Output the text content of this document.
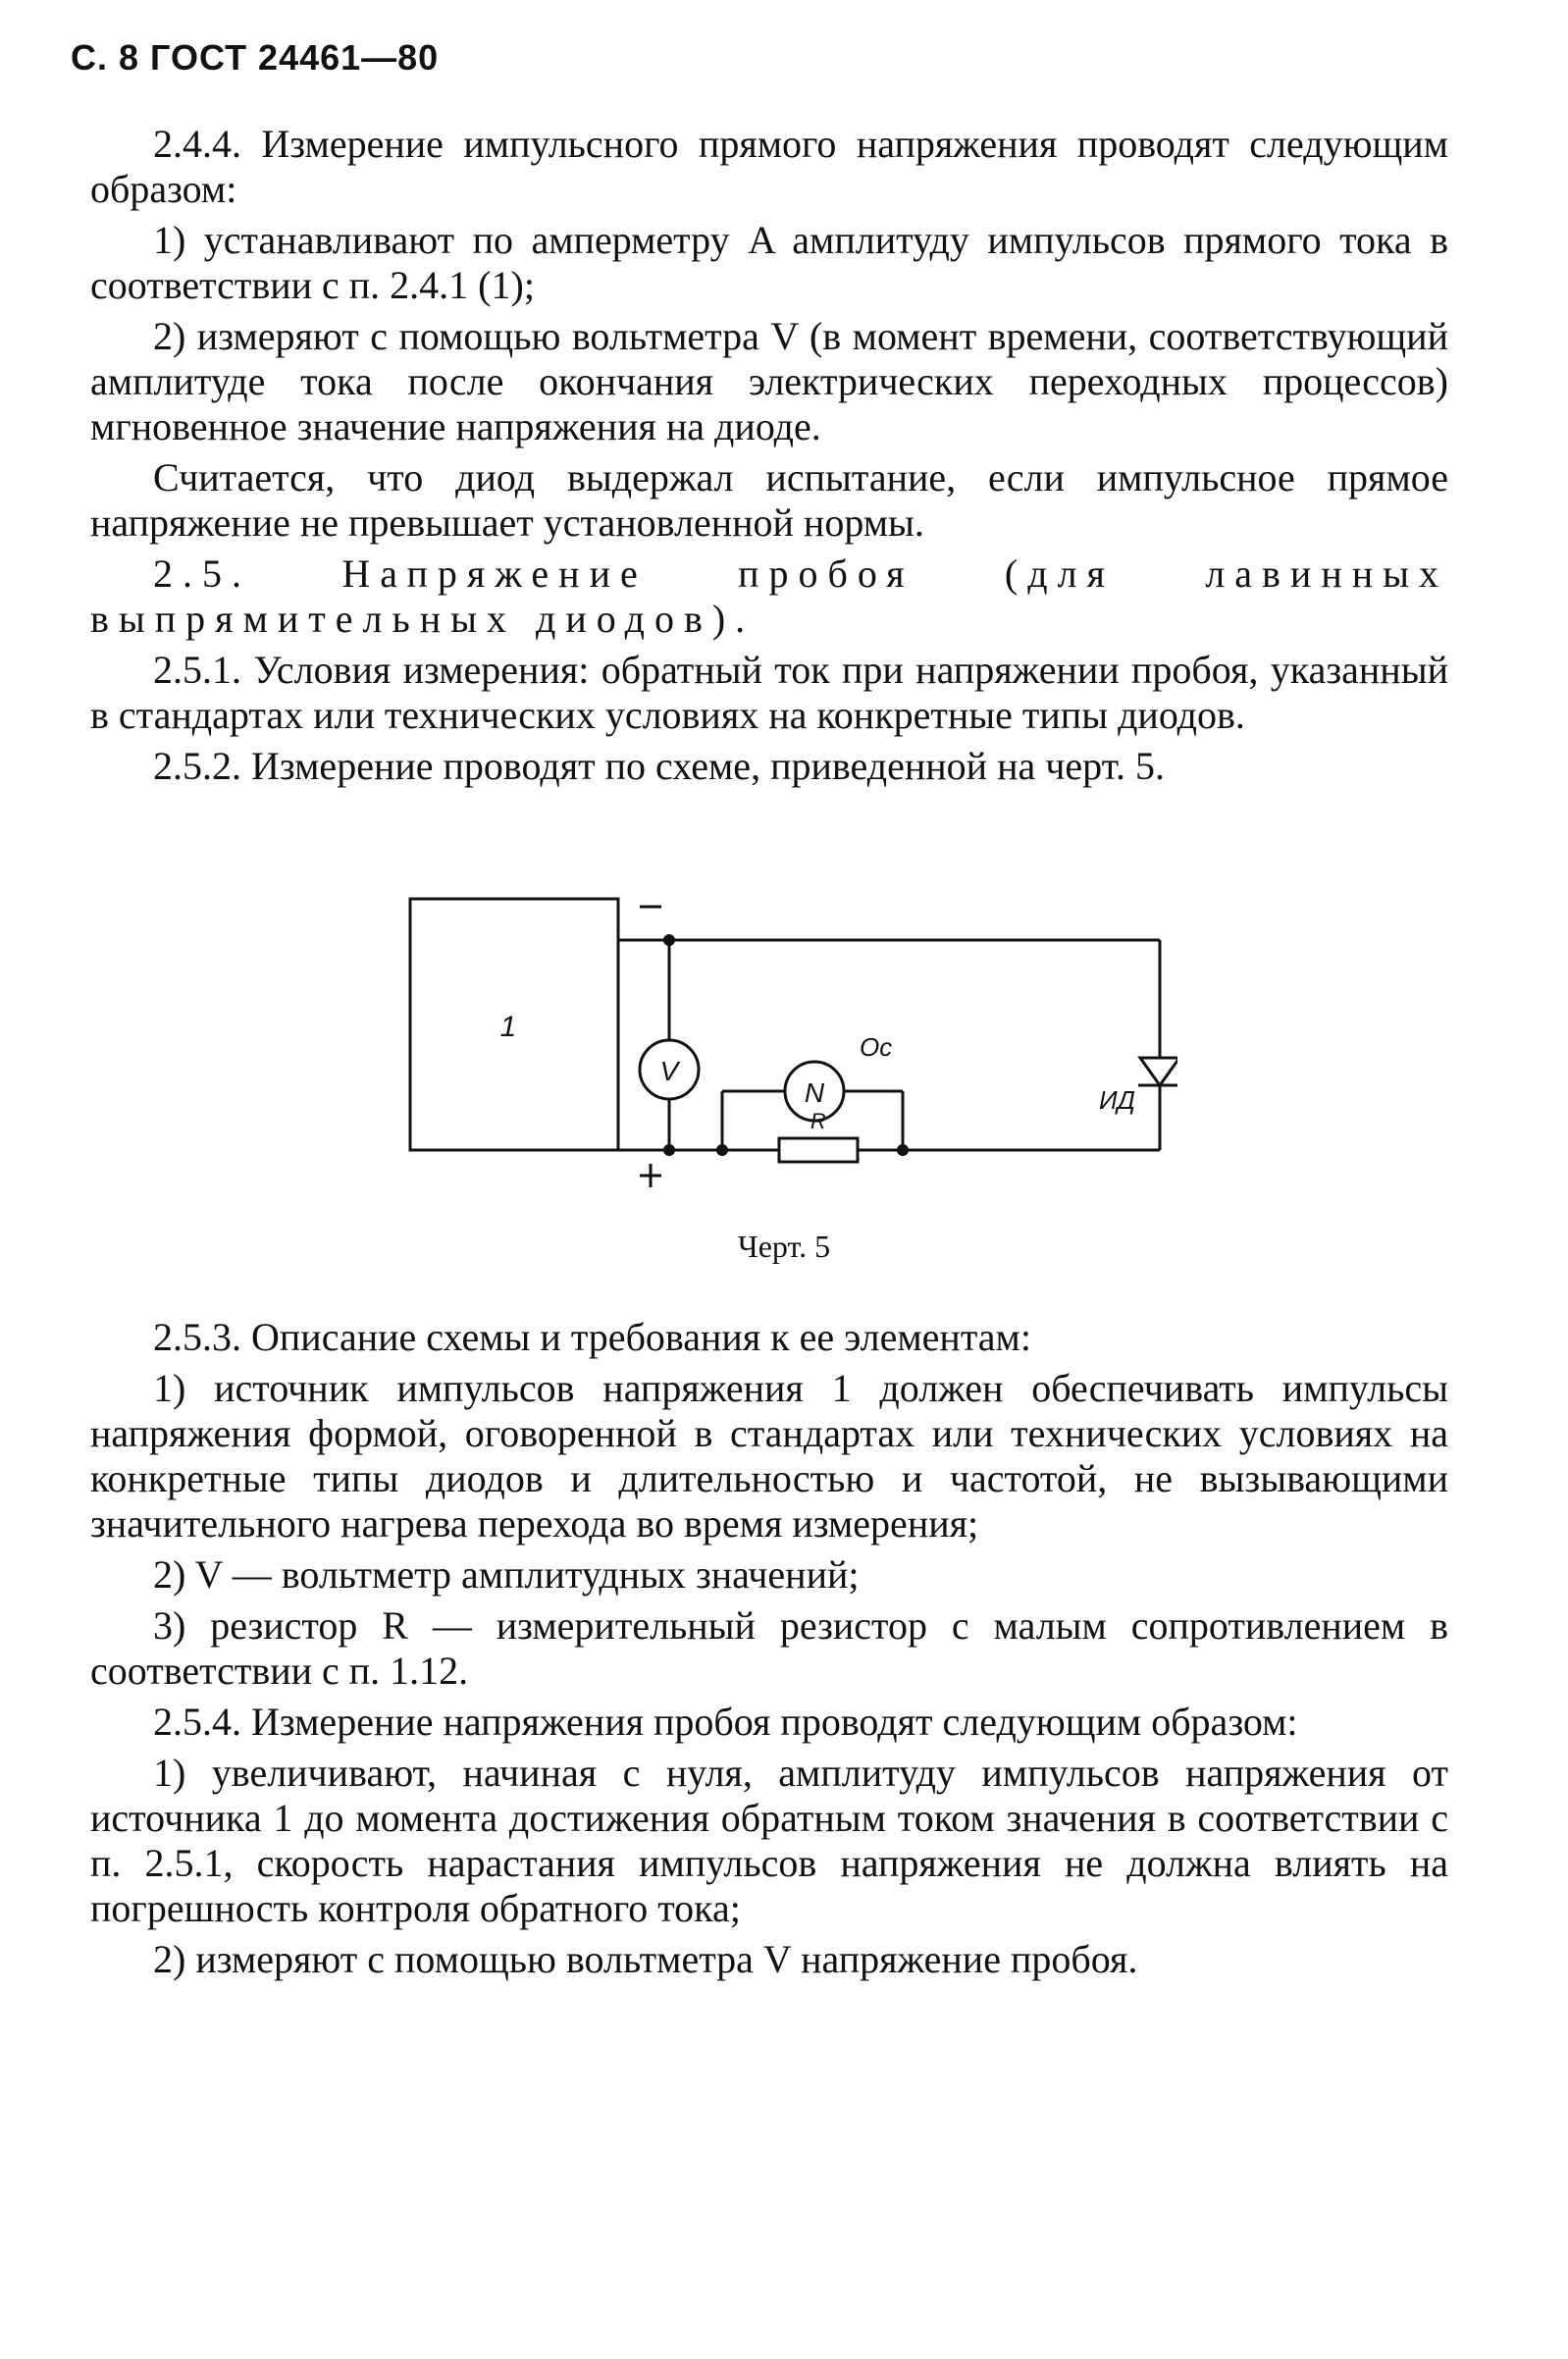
С. 8 ГОСТ 24461—80

2.4.4. Измерение импульсного прямого напряжения проводят следующим образом:

1) устанавливают по амперметру A амплитуду импульсов прямого тока в соответствии с п. 2.4.1 (1);

2) измеряют с помощью вольтметра V (в момент времени, соответствующий амплитуде тока после окончания электрических переходных процессов) мгновенное значение напряжения на диоде.

Считается, что диод выдержал испытание, если импульсное прямое напряжение не превышает установленной нормы.

2.5. Напряжение пробоя (для лавинных выпрямительных диодов).

2.5.1. Условия измерения: обратный ток при напряжении пробоя, указанный в стандартах или технических условиях на конкретные типы диодов.

2.5.2. Измерение проводят по схеме, приведенной на черт. 5.

1
V
N
Ос
R
ИД
Черт. 5

2.5.3. Описание схемы и требования к ее элементам:

1) источник импульсов напряжения 1 должен обеспечивать импульсы напряжения формой, оговоренной в стандартах или технических условиях на конкретные типы диодов и длительностью и частотой, не вызывающими значительного нагрева перехода во время измерения;

2) V — вольтметр амплитудных значений;

3) резистор R — измерительный резистор с малым сопротивлением в соответствии с п. 1.12.

2.5.4. Измерение напряжения пробоя проводят следующим образом:

1) увеличивают, начиная с нуля, амплитуду импульсов напряжения от источника 1 до момента достижения обратным током значения в соответствии с п. 2.5.1, скорость нарастания импульсов напряжения не должна влиять на погрешность контроля обратного тока;

2) измеряют с помощью вольтметра V напряжение пробоя.
